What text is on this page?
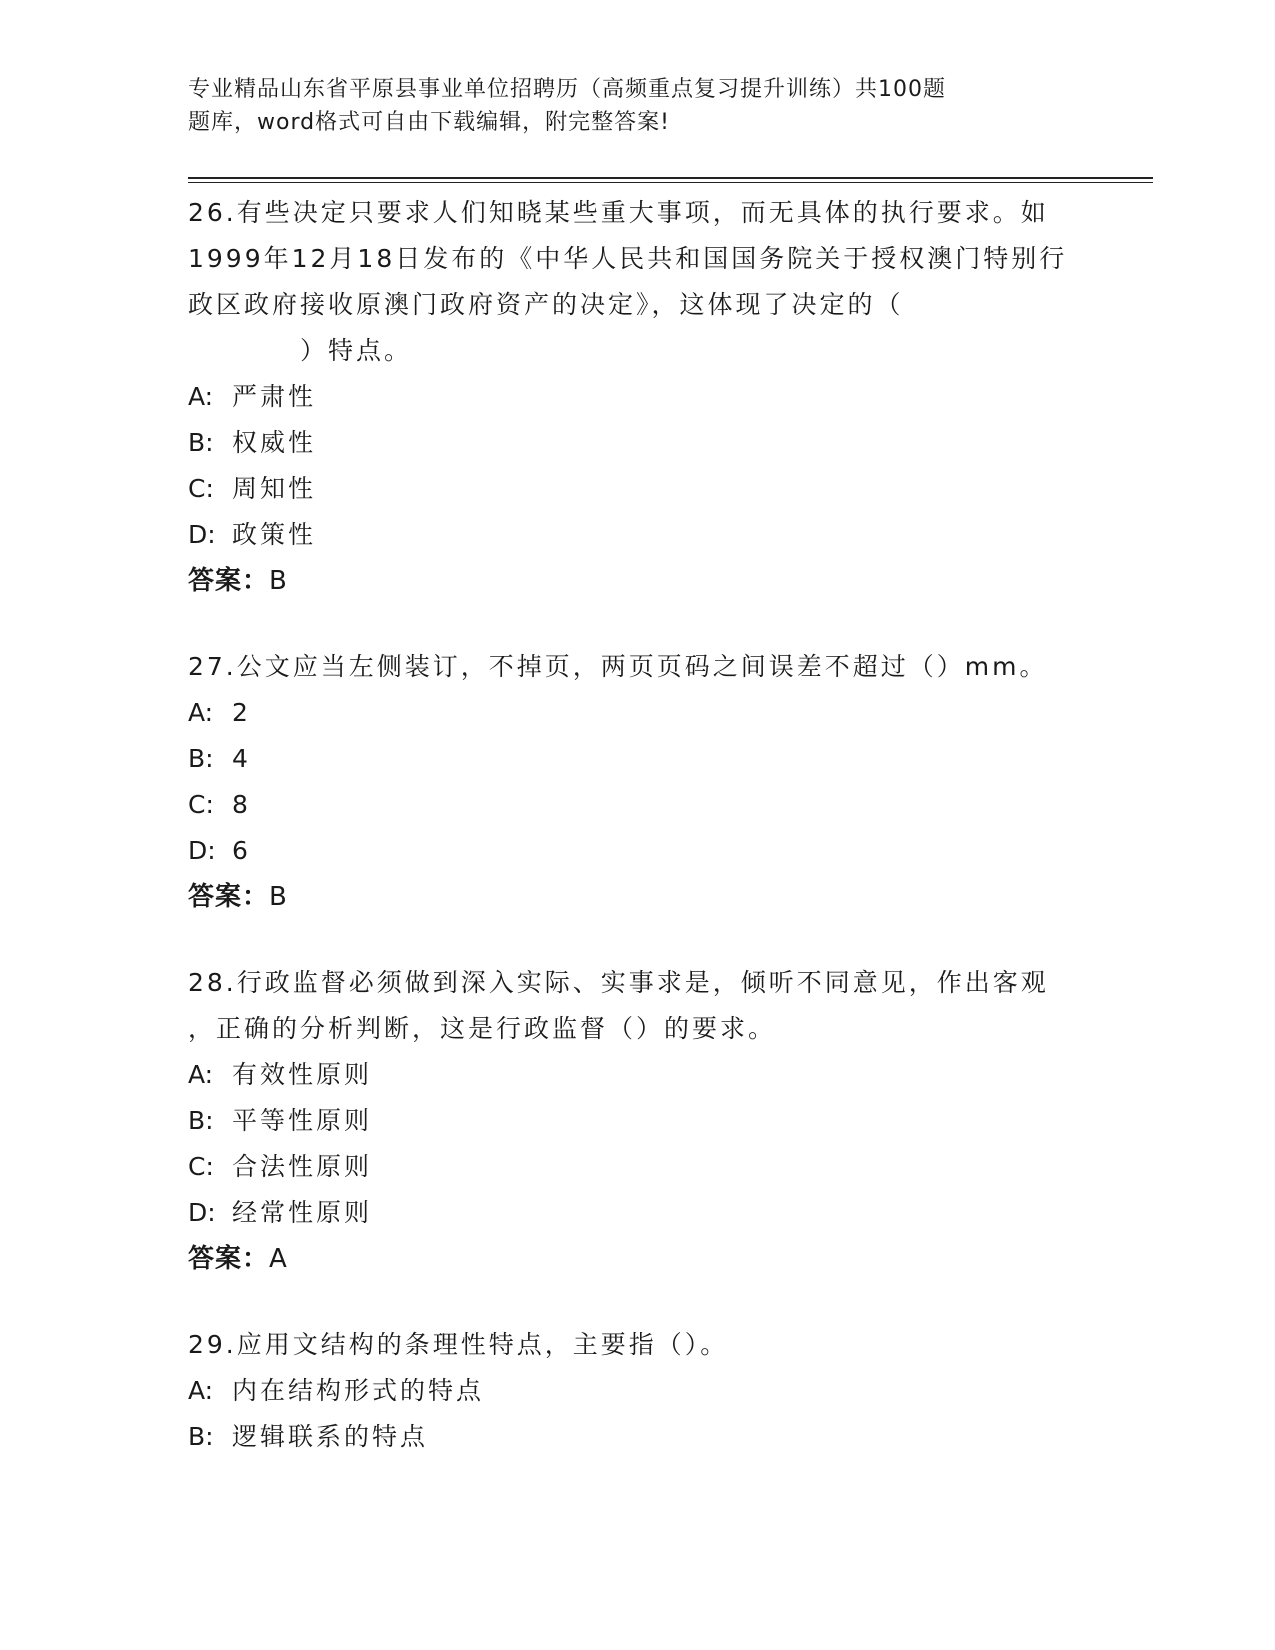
专业精品山东省平原县事业单位招聘历（高频重点复习提升训练）共100题
题库，word格式可自由下载编辑，附完整答案!
26.有些决定只要求人们知晓某些重大事项，而无具体的执行要求。如1999年12月18日发布的《中华人民共和国国务院关于授权澳门特别行政区政府接收原澳门政府资产的决定》，这体现了决定的（
　　　　）特点。
A: 严肃性
B: 权威性
C: 周知性
D: 政策性
答案：B
27.公文应当左侧装订，不掉页，两页页码之间误差不超过（）mm。
A: 2
B: 4
C: 8
D: 6
答案：B
28.行政监督必须做到深入实际、实事求是，倾听不同意见，作出客观
，正确的分析判断，这是行政监督（）的要求。
A: 有效性原则
B: 平等性原则
C: 合法性原则
D: 经常性原则
答案：A
29.应用文结构的条理性特点，主要指（）。
A: 内在结构形式的特点
B: 逻辑联系的特点
